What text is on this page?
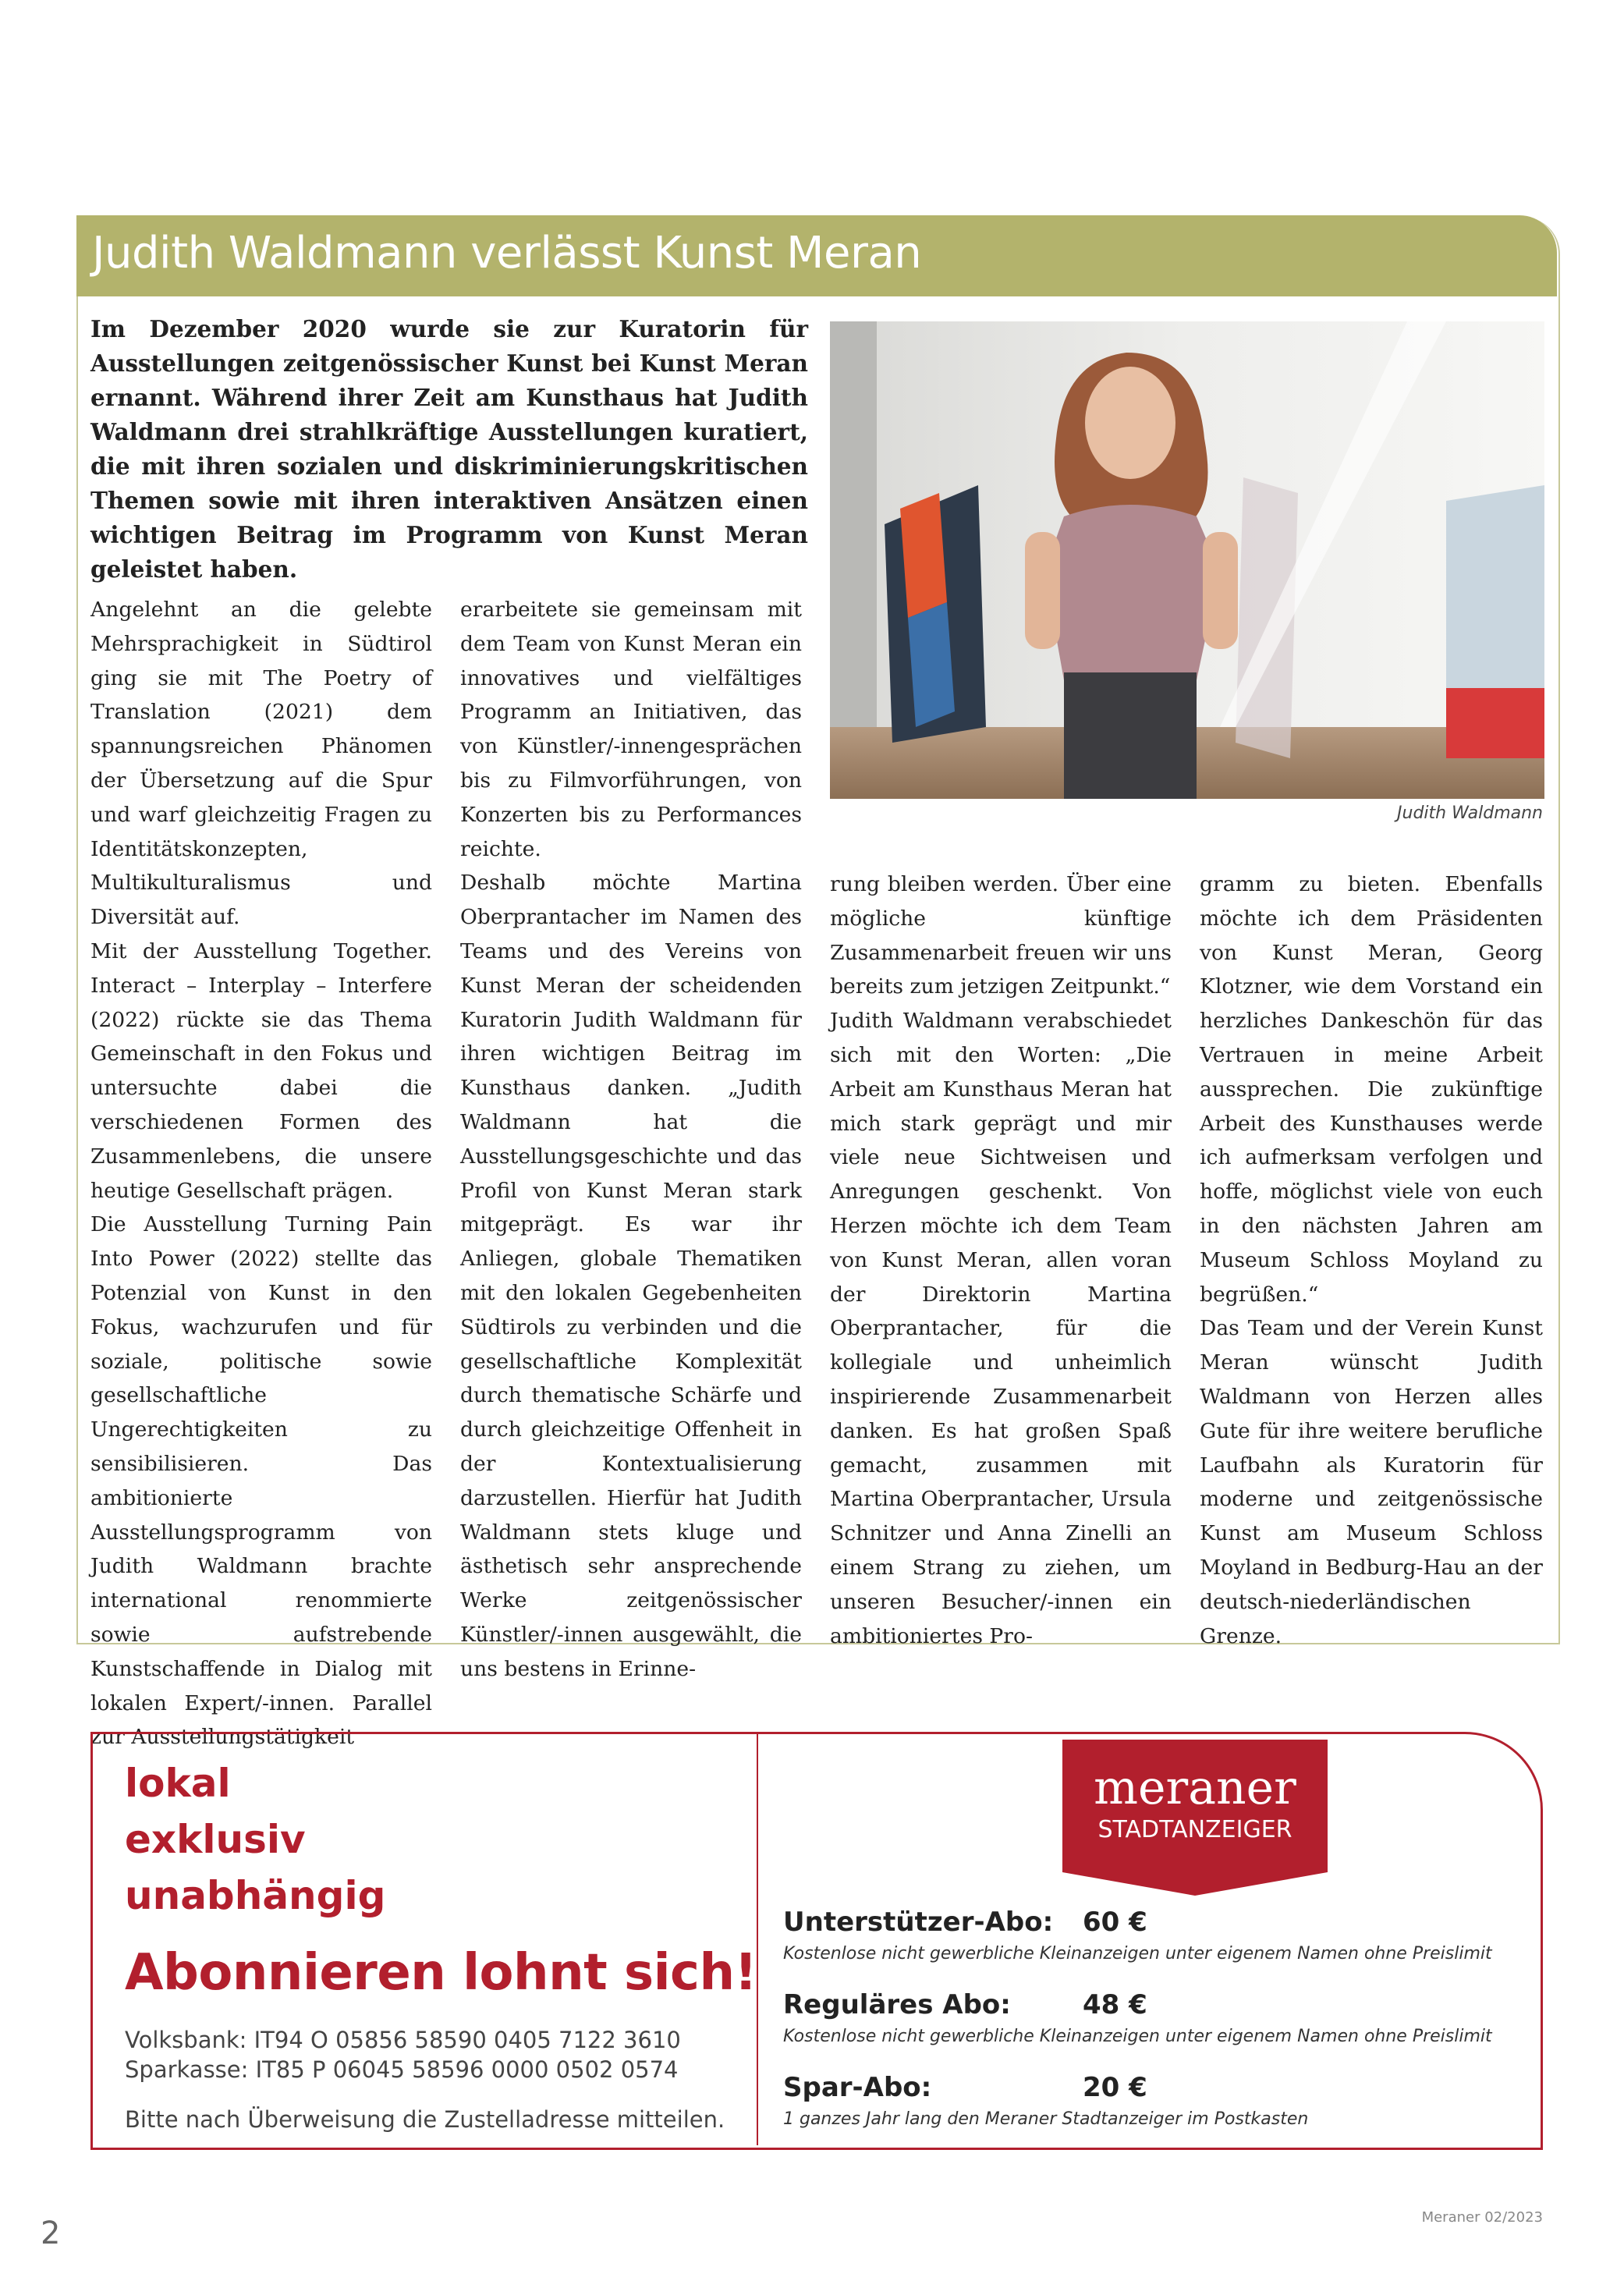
Judith Waldmann verlässt Kunst Meran

Im Dezember 2020 wurde sie zur Kuratorin für Ausstellungen zeitgenössischer Kunst bei Kunst Meran ernannt. Während ihrer Zeit am Kunsthaus hat Judith Waldmann drei strahlkräftige Ausstellungen kuratiert, die mit ihren sozialen und diskriminierungskritischen Themen sowie mit ihren interaktiven Ansätzen einen wichtigen Beitrag im Programm von Kunst Meran geleistet haben.

Judith Waldmann

Angelehnt an die gelebte Mehrsprachigkeit in Südtirol ging sie mit The Poetry of Translation (2021) dem spannungsreichen Phänomen der Übersetzung auf die Spur und warf gleichzeitig Fragen zu Identitätskonzepten, Multikulturalismus und Diversität auf.

Mit der Ausstellung Together. Interact – Interplay – Interfere (2022) rückte sie das Thema Gemeinschaft in den Fokus und untersuchte dabei die verschiedenen Formen des Zusammenlebens, die unsere heutige Gesellschaft prägen.

Die Ausstellung Turning Pain Into Power (2022) stellte das Potenzial von Kunst in den Fokus, wachzurufen und für soziale, politische sowie gesellschaftliche Ungerechtigkeiten zu sensibilisieren. Das ambitionierte Ausstellungsprogramm von Judith Waldmann brachte international renommierte sowie aufstrebende Kunstschaffende in Dialog mit lokalen Expert/-innen. Parallel zur Ausstellungstätigkeit

erarbeitete sie gemeinsam mit dem Team von Kunst Meran ein innovatives und vielfältiges Programm an Initiativen, das von Künstler/-innengesprächen bis zu Filmvorführungen, von Konzerten bis zu Performances reichte.

Deshalb möchte Martina Oberprantacher im Namen des Teams und des Vereins von Kunst Meran der scheidenden Kuratorin Judith Waldmann für ihren wichtigen Beitrag im Kunsthaus danken. „Judith Waldmann hat die Ausstellungsgeschichte und das Profil von Kunst Meran stark mitgeprägt. Es war ihr Anliegen, globale Thematiken mit den lokalen Gegebenheiten Südtirols zu verbinden und die gesellschaftliche Komplexität durch thematische Schärfe und durch gleichzeitige Offenheit in der Kontextualisierung darzustellen. Hierfür hat Judith Waldmann stets kluge und ästhetisch sehr ansprechende Werke zeitgenössischer Künstler/-innen ausgewählt, die uns bestens in Erinne-

rung bleiben werden. Über eine mögliche künftige Zusammenarbeit freuen wir uns bereits zum jetzigen Zeitpunkt.“

Judith Waldmann verabschiedet sich mit den Worten: „Die Arbeit am Kunsthaus Meran hat mich stark geprägt und mir viele neue Sichtweisen und Anregungen geschenkt. Von Herzen möchte ich dem Team von Kunst Meran, allen voran der Direktorin Martina Oberprantacher, für die kollegiale und unheimlich inspirierende Zusammenarbeit danken. Es hat großen Spaß gemacht, zusammen mit Martina Oberprantacher, Ursula Schnitzer und Anna Zinelli an einem Strang zu ziehen, um unseren Besucher/-innen ein ambitioniertes Pro-

gramm zu bieten. Ebenfalls möchte ich dem Präsidenten von Kunst Meran, Georg Klotzner, wie dem Vorstand ein herzliches Dankeschön für das Vertrauen in meine Arbeit aussprechen. Die zukünftige Arbeit des Kunsthauses werde ich aufmerksam verfolgen und hoffe, möglichst viele von euch in den nächsten Jahren am Museum Schloss Moyland zu begrüßen.“

Das Team und der Verein Kunst Meran wünscht Judith Waldmann von Herzen alles Gute für ihre weitere berufliche Laufbahn als Kuratorin für moderne und zeitgenössische Kunst am Museum Schloss Moyland in Bedburg-Hau an der deutsch-niederländischen Grenze.

lokal
exklusiv
unabhängig
Abonnieren lohnt sich!
Volksbank: IT94 O 05856 58590 0405 7122 3610
Sparkasse: IT85 P 06045 58596 0000 0502 0574
Bitte nach Überweisung die Zustelladresse mitteilen.
meraner
STADTANZEIGER
Unterstützer-Abo: 60 €
Kostenlose nicht gewerbliche Kleinanzeigen unter eigenem Namen ohne Preislimit
Reguläres Abo:	48 €
Kostenlose nicht gewerbliche Kleinanzeigen unter eigenem Namen ohne Preislimit
Spar-Abo:	20 €
1 ganzes Jahr lang den Meraner Stadtanzeiger im Postkasten
2	Meraner 02/2023
